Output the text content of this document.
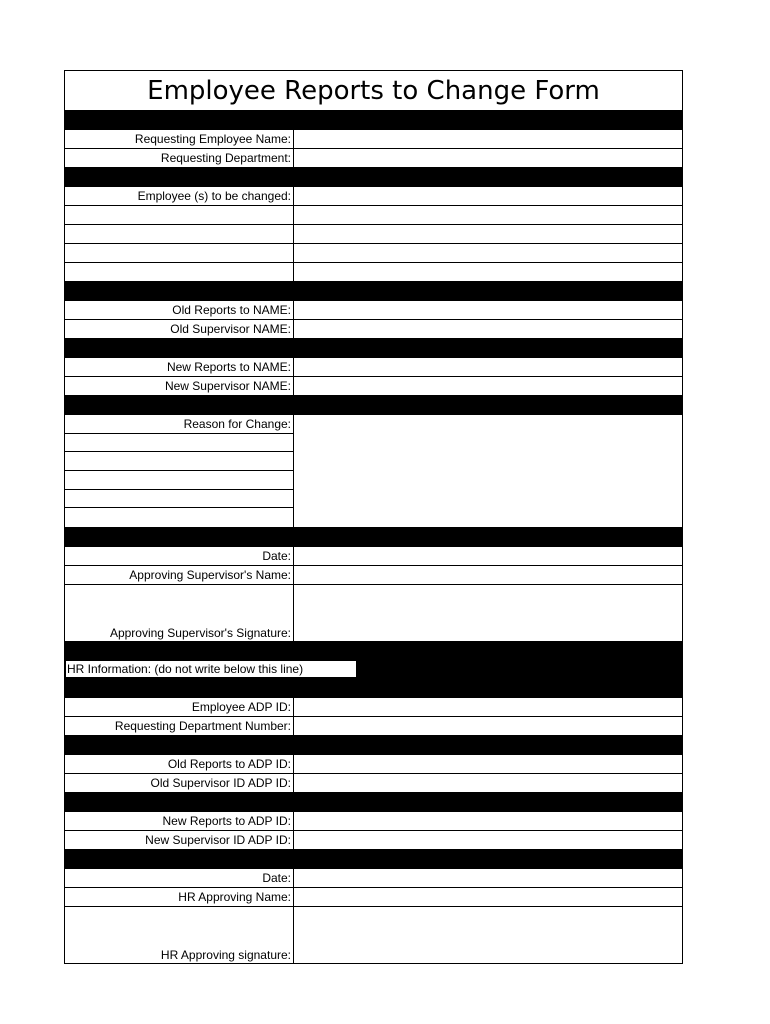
Employee Reports to Change Form
Requesting Employee Name:
Requesting Department:
Employee (s) to be changed:
Old Reports to NAME:
Old Supervisor NAME:
New Reports to NAME:
New Supervisor NAME:
Reason for Change:
Date:
Approving Supervisor's Name:
Approving Supervisor's Signature:
HR Information: (do not write below this line)
Employee ADP ID:
Requesting Department Number:
Old Reports to ADP ID:
Old Supervisor ID ADP ID:
New Reports to ADP ID:
New Supervisor ID ADP ID:
Date:
HR Approving Name:
HR Approving signature:
